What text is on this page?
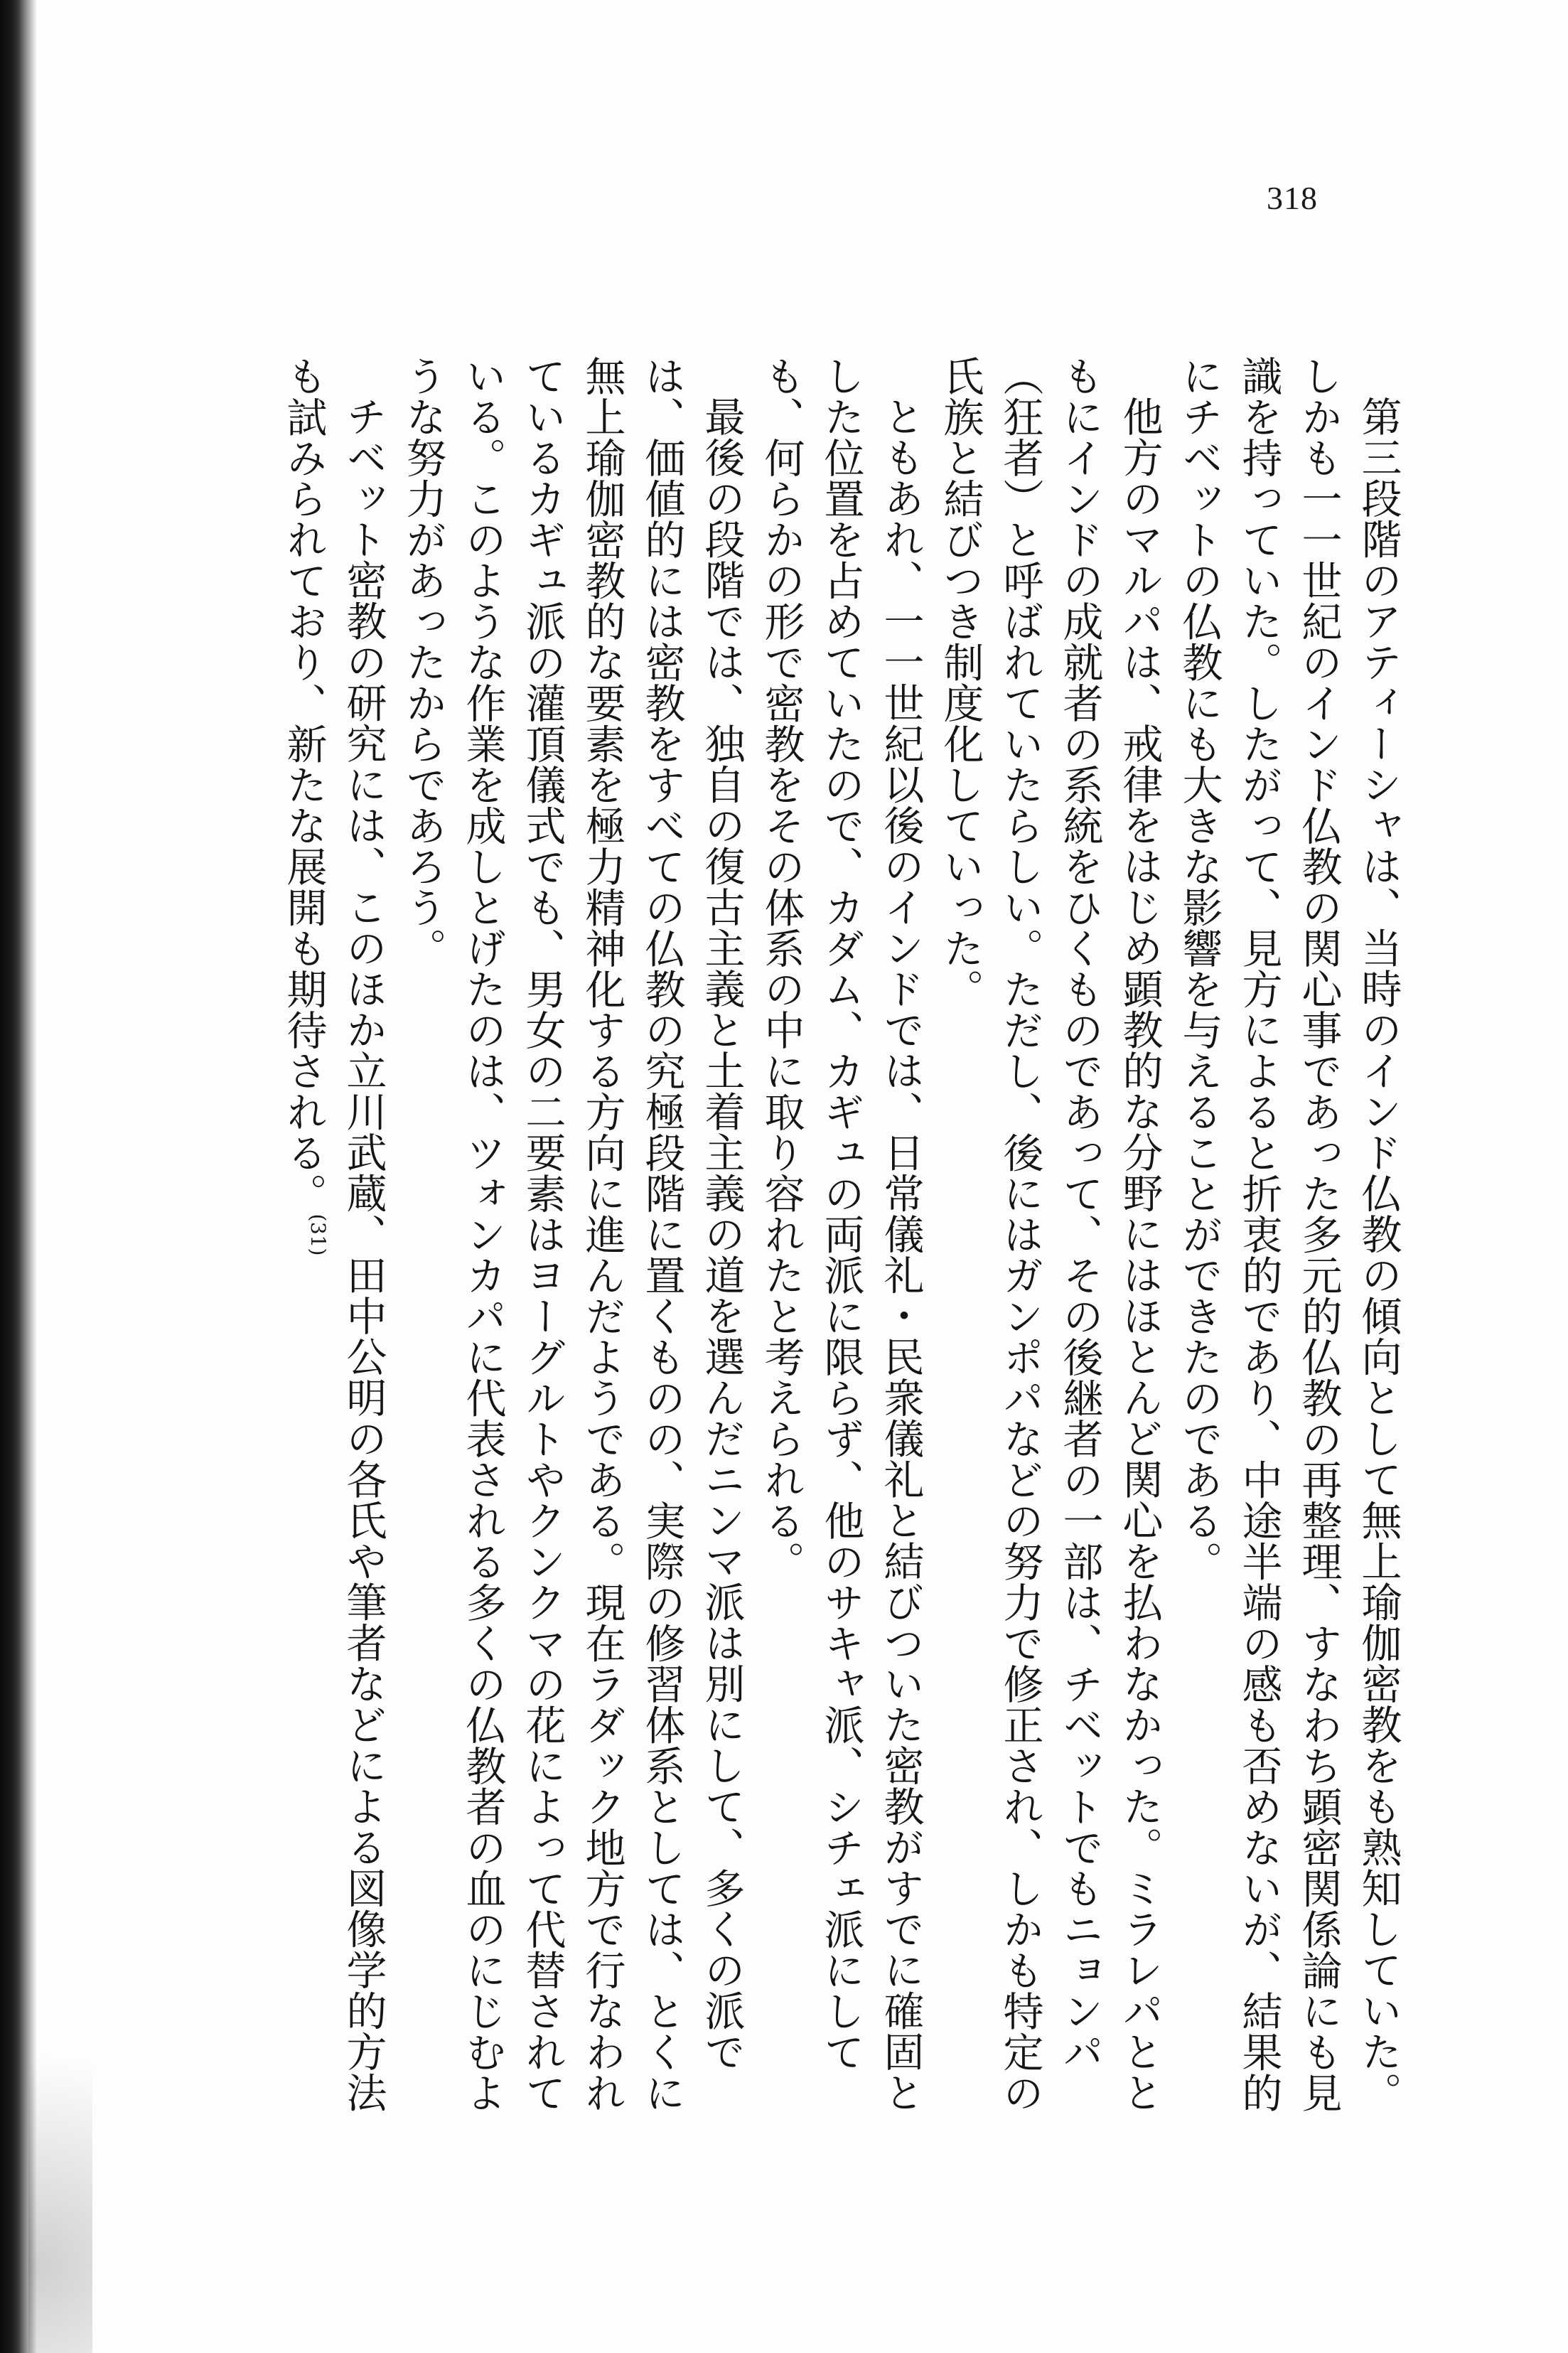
318

第三段階のアティーシャは、当時のインド仏教の傾向として無上瑜伽密教をも熟知していた。しかも一一世紀のインド仏教の関心事であった多元的仏教の再整理、すなわち顕密関係論にも見識を持っていた。したがって、見方によると折衷的であり、中途半端の感も否めないが、結果的にチベットの仏教にも大きな影響を与えることができたのである。

他方のマルパは、戒律をはじめ顕教的な分野にはほとんど関心を払わなかった。ミラレパとともにインドの成就者の系統をひくものであって、その後継者の一部は、チベットでもニョンパ（狂者）と呼ばれていたらしい。ただし、後にはガンポパなどの努力で修正され、しかも特定の氏族と結びつき制度化していった。

ともあれ、一一世紀以後のインドでは、日常儀礼・民衆儀礼と結びついた密教がすでに確固とした位置を占めていたので、カダム、カギュの両派に限らず、他のサキャ派、シチェ派にしても、何らかの形で密教をその体系の中に取り容れたと考えられる。

最後の段階では、独自の復古主義と土着主義の道を選んだニンマ派は別にして、多くの派では、価値的には密教をすべての仏教の究極段階に置くものの、実際の修習体系としては、とくに無上瑜伽密教的な要素を極力精神化する方向に進んだようである。現在ラダック地方で行なわれているカギュ派の灌頂儀式でも、男女の二要素はヨーグルトやクンクマの花によって代替されている。このような作業を成しとげたのは、ツォンカパに代表される多くの仏教者の血のにじむような努力があったからであろう。

チベット密教の研究には、このほか立川武蔵、田中公明の各氏や筆者などによる図像学的方法も試みられており、新たな展開も期待される。$^{(31)}$
